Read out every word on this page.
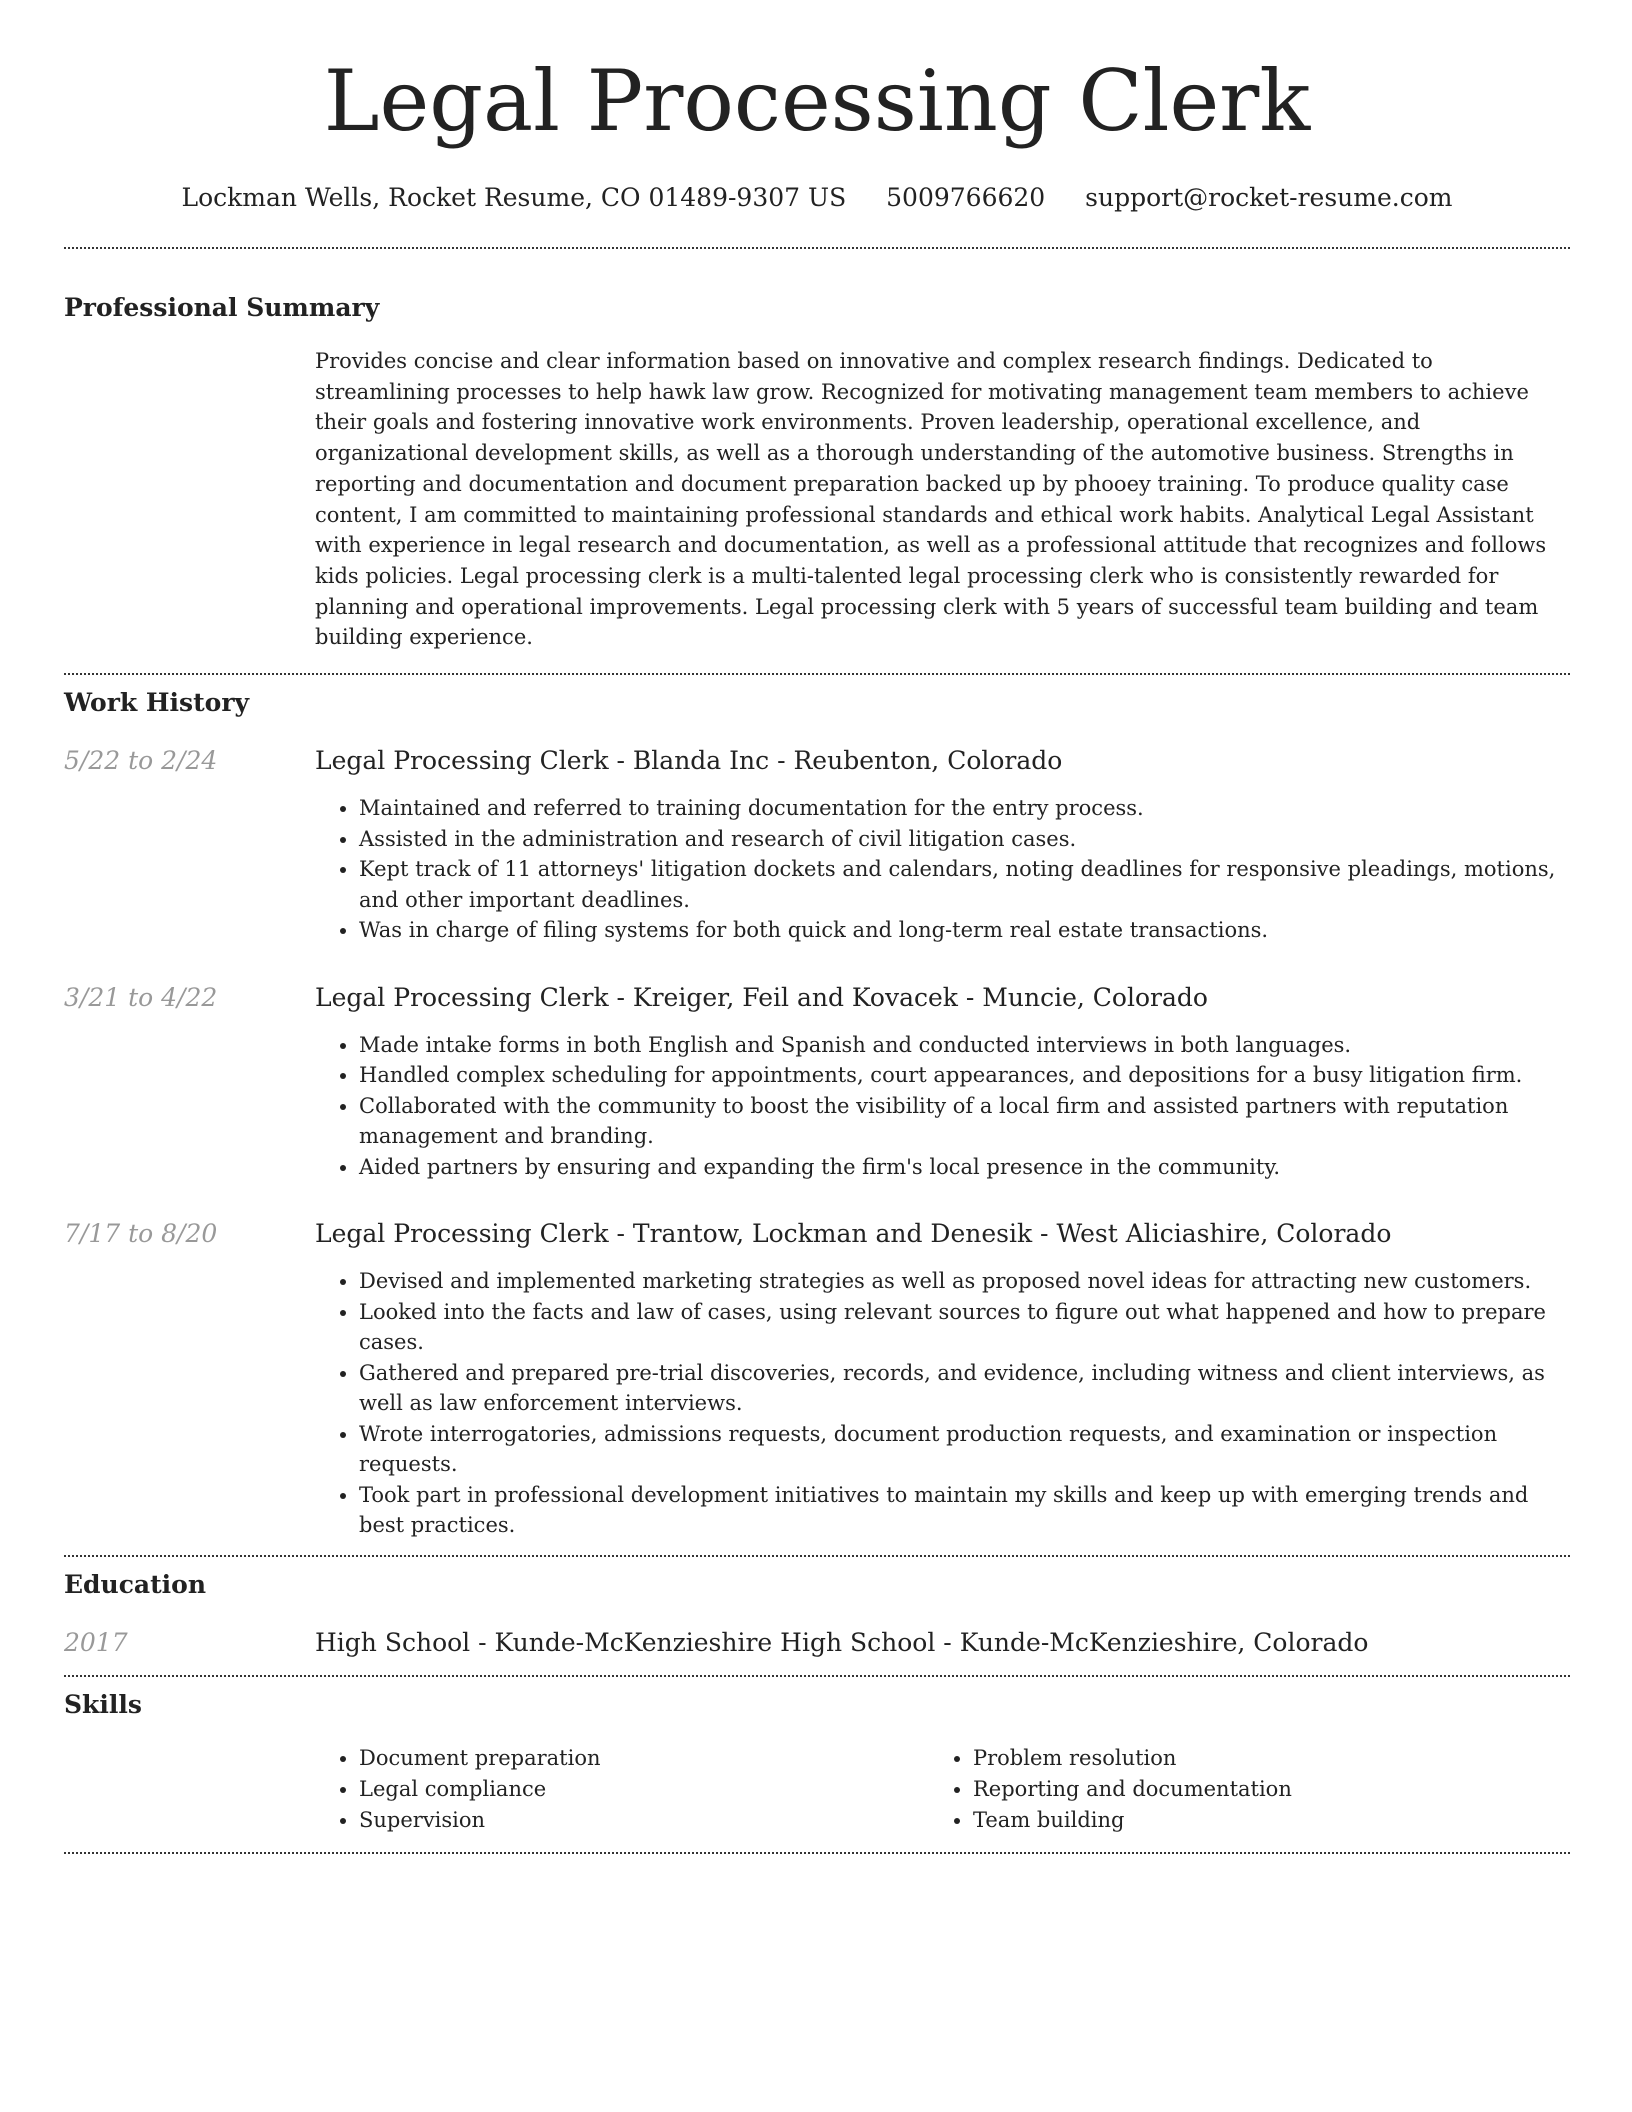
Legal Processing Clerk
Lockman Wells, Rocket Resume, CO 01489-9307 US 5009766620 support@rocket-resume.com
Professional Summary
Provides concise and clear information based on innovative and complex research findings. Dedicated to streamlining processes to help hawk law grow. Recognized for motivating management team members to achieve their goals and fostering innovative work environments. Proven leadership, operational excellence, and organizational development skills, as well as a thorough understanding of the automotive business. Strengths in reporting and documentation and document preparation backed up by phooey training. To produce quality case content, I am committed to maintaining professional standards and ethical work habits. Analytical Legal Assistant with experience in legal research and documentation, as well as a professional attitude that recognizes and follows kids policies. Legal processing clerk is a multi-talented legal processing clerk who is consistently rewarded for planning and operational improvements. Legal processing clerk with 5 years of successful team building and team building experience.
Work History
5/22 to 2/24	Legal Processing Clerk - Blanda Inc - Reubenton, Colorado
• Maintained and referred to training documentation for the entry process.
• Assisted in the administration and research of civil litigation cases.
• Kept track of 11 attorneys' litigation dockets and calendars, noting deadlines for responsive pleadings, motions, and other important deadlines.
• Was in charge of filing systems for both quick and long-term real estate transactions.
3/21 to 4/22	Legal Processing Clerk - Kreiger, Feil and Kovacek - Muncie, Colorado
• Made intake forms in both English and Spanish and conducted interviews in both languages.
• Handled complex scheduling for appointments, court appearances, and depositions for a busy litigation firm.
• Collaborated with the community to boost the visibility of a local firm and assisted partners with reputation management and branding.
• Aided partners by ensuring and expanding the firm's local presence in the community.
7/17 to 8/20	Legal Processing Clerk - Trantow, Lockman and Denesik - West Aliciashire, Colorado
• Devised and implemented marketing strategies as well as proposed novel ideas for attracting new customers.
• Looked into the facts and law of cases, using relevant sources to figure out what happened and how to prepare cases.
• Gathered and prepared pre-trial discoveries, records, and evidence, including witness and client interviews, as well as law enforcement interviews.
• Wrote interrogatories, admissions requests, document production requests, and examination or inspection requests.
• Took part in professional development initiatives to maintain my skills and keep up with emerging trends and best practices.
Education
2017	High School - Kunde-McKenzieshire High School - Kunde-McKenzieshire, Colorado
Skills
• Document preparation
• Legal compliance
• Supervision
• Problem resolution
• Reporting and documentation
• Team building
